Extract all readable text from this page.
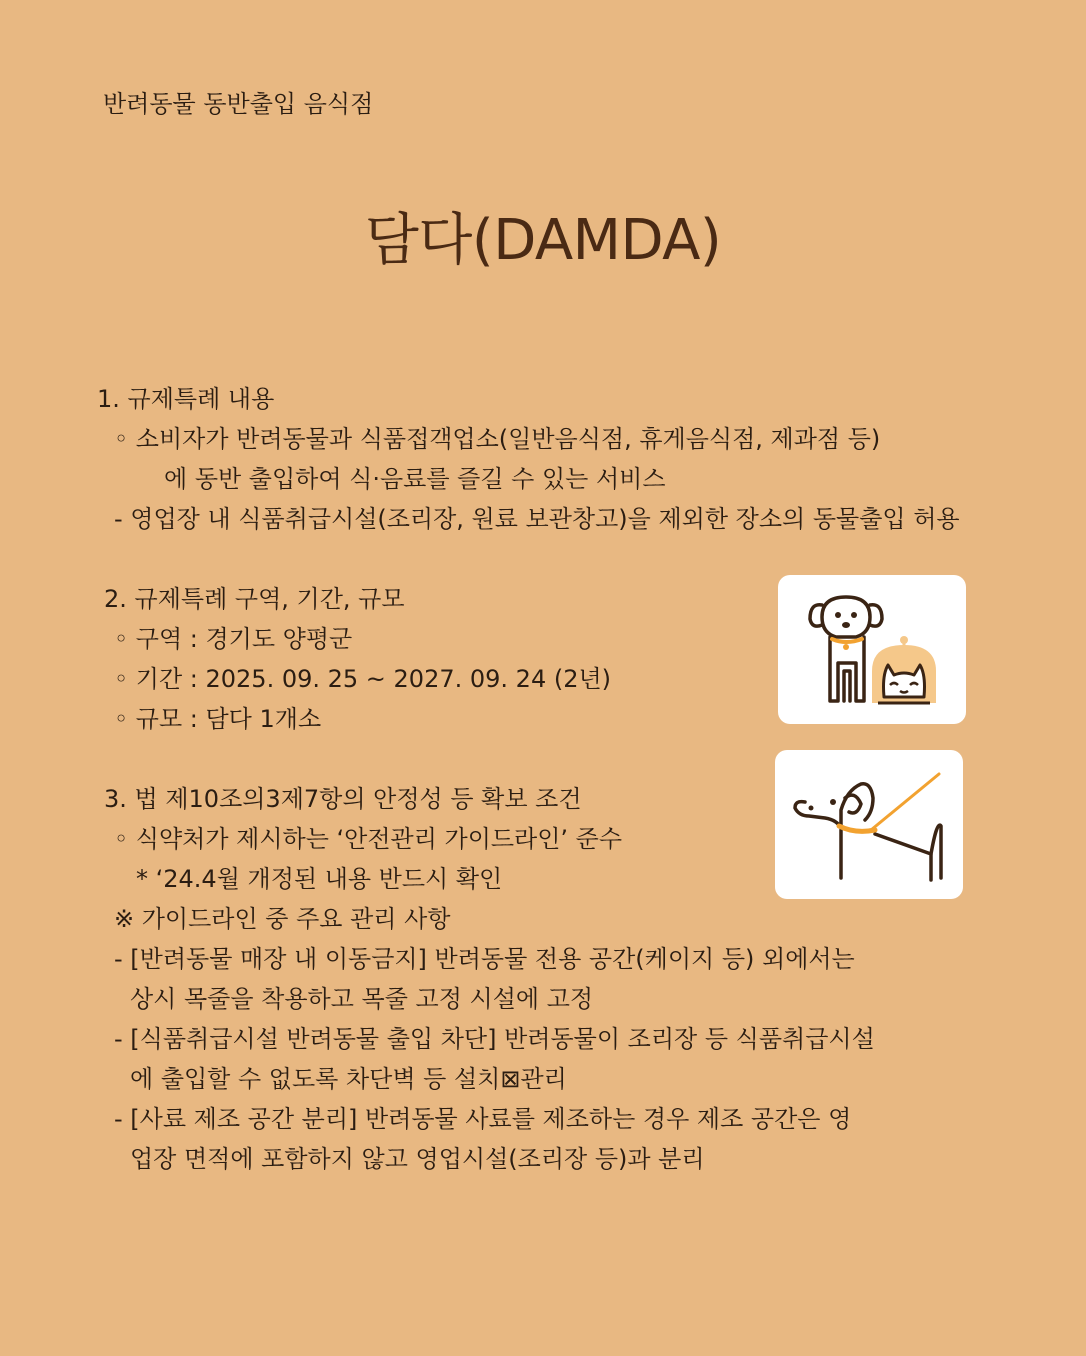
반려동물 동반출입 음식점
담다(DAMDA)
1. 규제특례 내용
◦ 소비자가 반려동물과 식품접객업소(일반음식점, 휴게음식점, 제과점 등)
에 동반 출입하여 식·음료를 즐길 수 있는 서비스
- 영업장 내 식품취급시설(조리장, 원료 보관창고)을 제외한 장소의 동물출입 허용
2. 규제특례 구역, 기간, 규모
◦ 구역 : 경기도 양평군
◦ 기간 : 2025. 09. 25 ~ 2027. 09. 24 (2년)
◦ 규모 : 담다 1개소
3. 법 제10조의3제7항의 안정성 등 확보 조건
◦ 식약처가 제시하는 ‘안전관리 가이드라인’ 준수
* ‘24.4월 개정된 내용 반드시 확인
※ 가이드라인 중 주요 관리 사항
- [반려동물 매장 내 이동금지] 반려동물 전용 공간(케이지 등) 외에서는
상시 목줄을 착용하고 목줄 고정 시설에 고정
- [식품취급시설 반려동물 출입 차단] 반려동물이 조리장 등 식품취급시설
에 출입할 수 없도록 차단벽 등 설치⊠관리
- [사료 제조 공간 분리] 반려동물 사료를 제조하는 경우 제조 공간은 영
업장 면적에 포함하지 않고 영업시설(조리장 등)과 분리
